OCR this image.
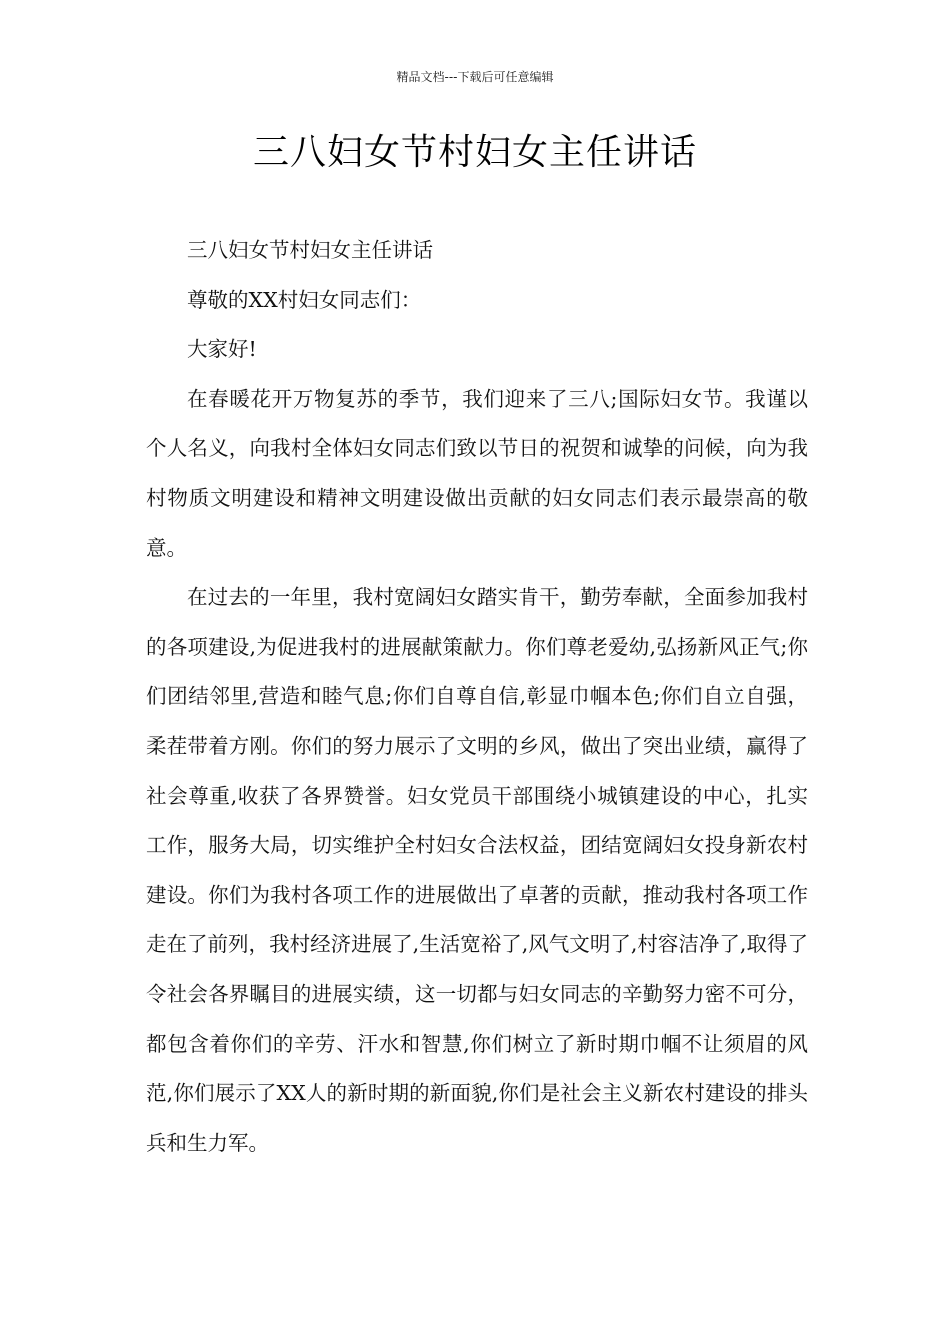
精品文档---下载后可任意编辑
三八妇女节村妇女主任讲话

三八妇女节村妇女主任讲话

尊敬的XX村妇女同志们：

大家好!

在春暖花开万物复苏的季节，我们迎来了三八;国际妇女节。我谨以个人名义，向我村全体妇女同志们致以节日的祝贺和诚挚的问候，向为我村物质文明建设和精神文明建设做出贡献的妇女同志们表示最崇高的敬意。

在过去的一年里，我村宽阔妇女踏实肯干，勤劳奉献，全面参加我村的各项建设,为促进我村的进展献策献力。你们尊老爱幼,弘扬新风正气;你们团结邻里,营造和睦气息;你们自尊自信,彰显巾帼本色;你们自立自强，柔茬带着方刚。你们的努力展示了文明的乡风，做出了突出业绩，赢得了社会尊重,收获了各界赞誉。妇女党员干部围绕小城镇建设的中心，扎实工作，服务大局，切实维护全村妇女合法权益，团结宽阔妇女投身新农村建设。你们为我村各项工作的进展做出了卓著的贡献，推动我村各项工作走在了前列，我村经济进展了,生活宽裕了,风气文明了,村容洁净了,取得了令社会各界瞩目的进展实绩，这一切都与妇女同志的辛勤努力密不可分，都包含着你们的辛劳、汗水和智慧,你们树立了新时期巾帼不让须眉的风范,你们展示了XX人的新时期的新面貌,你们是社会主义新农村建设的排头兵和生力军。
